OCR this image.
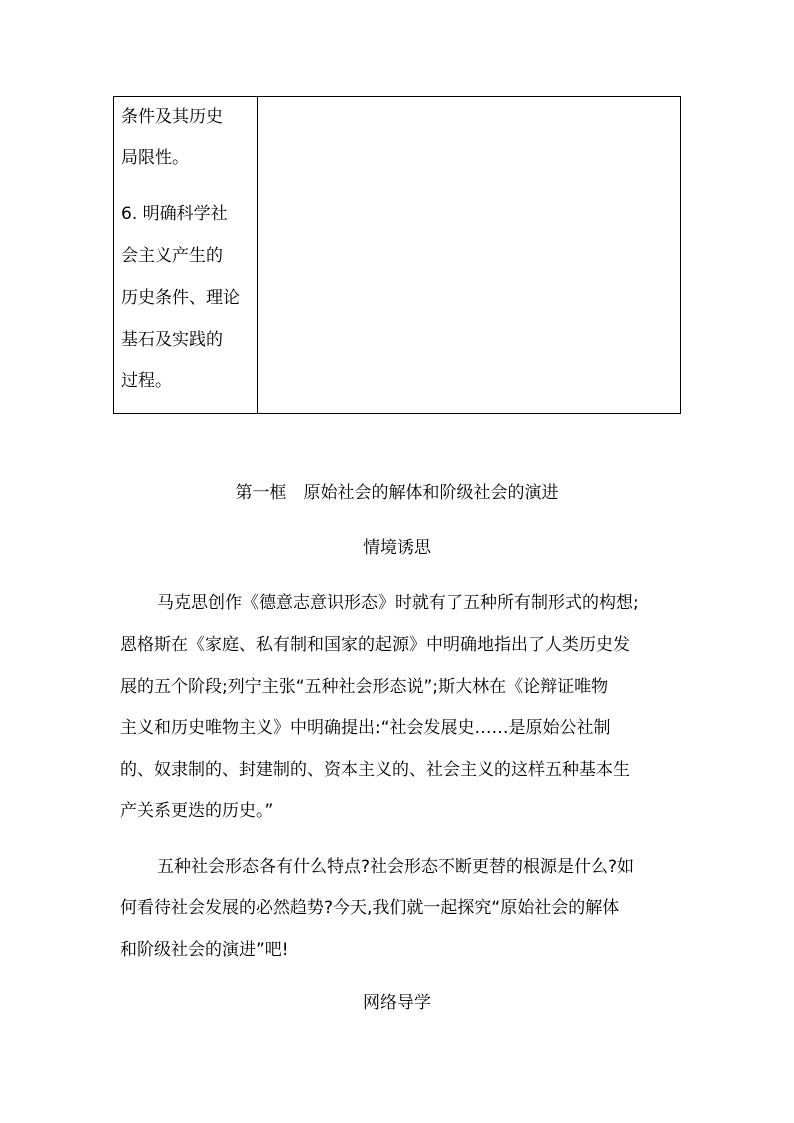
条件及其历史
局限性。
6. 明确科学社
会主义产生的
历史条件、理论
基石及实践的
过程。
第一框　原始社会的解体和阶级社会的演进
情境诱思
马克思创作《德意志意识形态》时就有了五种所有制形式的构想;
恩格斯在《家庭、私有制和国家的起源》中明确地指出了人类历史发
展的五个阶段;列宁主张“五种社会形态说”;斯大林在《论辩证唯物
主义和历史唯物主义》中明确提出:“社会发展史……是原始公社制
的、奴隶制的、封建制的、资本主义的、社会主义的这样五种基本生
产关系更迭的历史。”
五种社会形态各有什么特点?社会形态不断更替的根源是什么?如
何看待社会发展的必然趋势?今天,我们就一起探究“原始社会的解体
和阶级社会的演进”吧!
网络导学
